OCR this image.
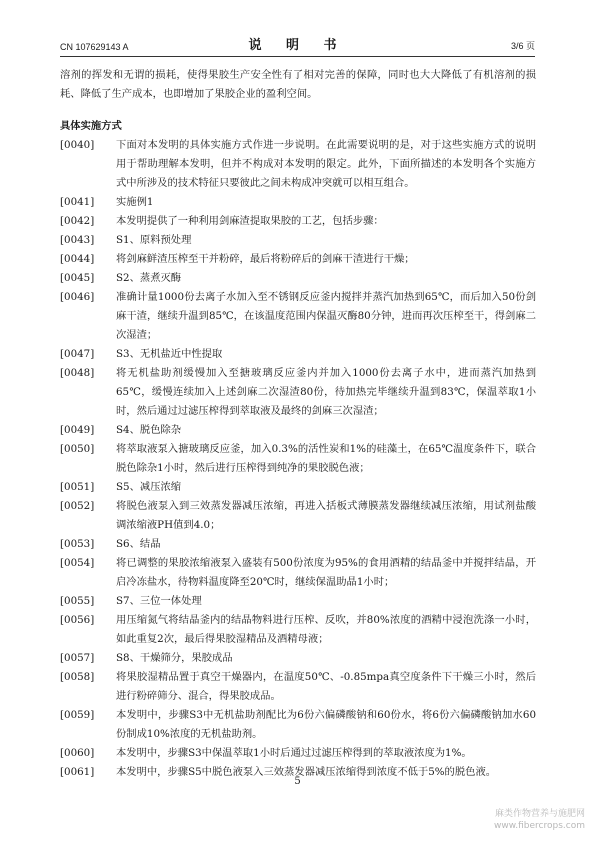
CN 107629143 A	说 明 书	3/6 页

溶剂的挥发和无谓的损耗，使得果胶生产安全性有了相对完善的保障，同时也大大降低了有机溶剂的损耗、降低了生产成本，也即增加了果胶企业的盈利空间。

具体实施方式

[0040]	下面对本发明的具体实施方式作进一步说明。在此需要说明的是，对于这些实施方式的说明用于帮助理解本发明，但并不构成对本发明的限定。此外，下面所描述的本发明各个实施方式中所涉及的技术特征只要彼此之间未构成冲突就可以相互组合。

[0041]	实施例1

[0042]	本发明提供了一种利用剑麻渣提取果胶的工艺，包括步骤：

[0043]	S1、原料预处理

[0044]	将剑麻鲜渣压榨至干并粉碎，最后将粉碎后的剑麻干渣进行干燥；

[0045]	S2、蒸煮灭酶

[0046]	准确计量1000份去离子水加入至不锈钢反应釜内搅拌并蒸汽加热到65℃，而后加入50份剑麻干渣，继续升温到85℃，在该温度范围内保温灭酶80分钟，进而再次压榨至干，得剑麻二次湿渣；

[0047]	S3、无机盐近中性提取

[0048]	将无机盐助剂缓慢加入至搪玻璃反应釜内并加入1000份去离子水中，进而蒸汽加热到65℃，缓慢连续加入上述剑麻二次湿渣80份，待加热完毕继续升温到83℃，保温萃取1小时，然后通过过滤压榨得到萃取液及最终的剑麻三次湿渣；

[0049]	S4、脱色除杂

[0050]	将萃取液泵入搪玻璃反应釜，加入0.3%的活性炭和1%的硅藻土，在65℃温度条件下，联合脱色除杂1小时，然后进行压榨得到纯净的果胶脱色液；

[0051]	S5、减压浓缩

[0052]	将脱色液泵入到三效蒸发器减压浓缩，再进入括板式薄膜蒸发器继续减压浓缩，用试剂盐酸调浓缩液PH值到4.0；

[0053]	S6、结晶

[0054]	将已调整的果胶浓缩液泵入盛装有500份浓度为95%的食用酒精的结晶釜中并搅拌结晶，开启冷冻盐水，待物料温度降至20℃时，继续保温助晶1小时；

[0055]	S7、三位一体处理

[0056]	用压缩氮气将结晶釜内的结晶物料进行压榨、反吹，并80%浓度的酒精中浸泡洗涤一小时，如此重复2次，最后得果胶湿精品及酒精母液；

[0057]	S8、干燥筛分，果胶成品

[0058]	将果胶湿精品置于真空干燥器内，在温度50℃、-0.85mpa真空度条件下干燥三小时，然后进行粉碎筛分、混合，得果胶成品。

[0059]	本发明中，步骤S3中无机盐助剂配比为6份六偏磷酸钠和60份水，将6份六偏磷酸钠加水60份制成10%浓度的无机盐助剂。

[0060]	本发明中，步骤S3中保温萃取1小时后通过过滤压榨得到的萃取液浓度为1%。

[0061]	本发明中，步骤S5中脱色液泵入三效蒸发器减压浓缩得到浓度不低于5%的脱色液。

5
麻类作物营养与施肥网
www.fibercrops.com
